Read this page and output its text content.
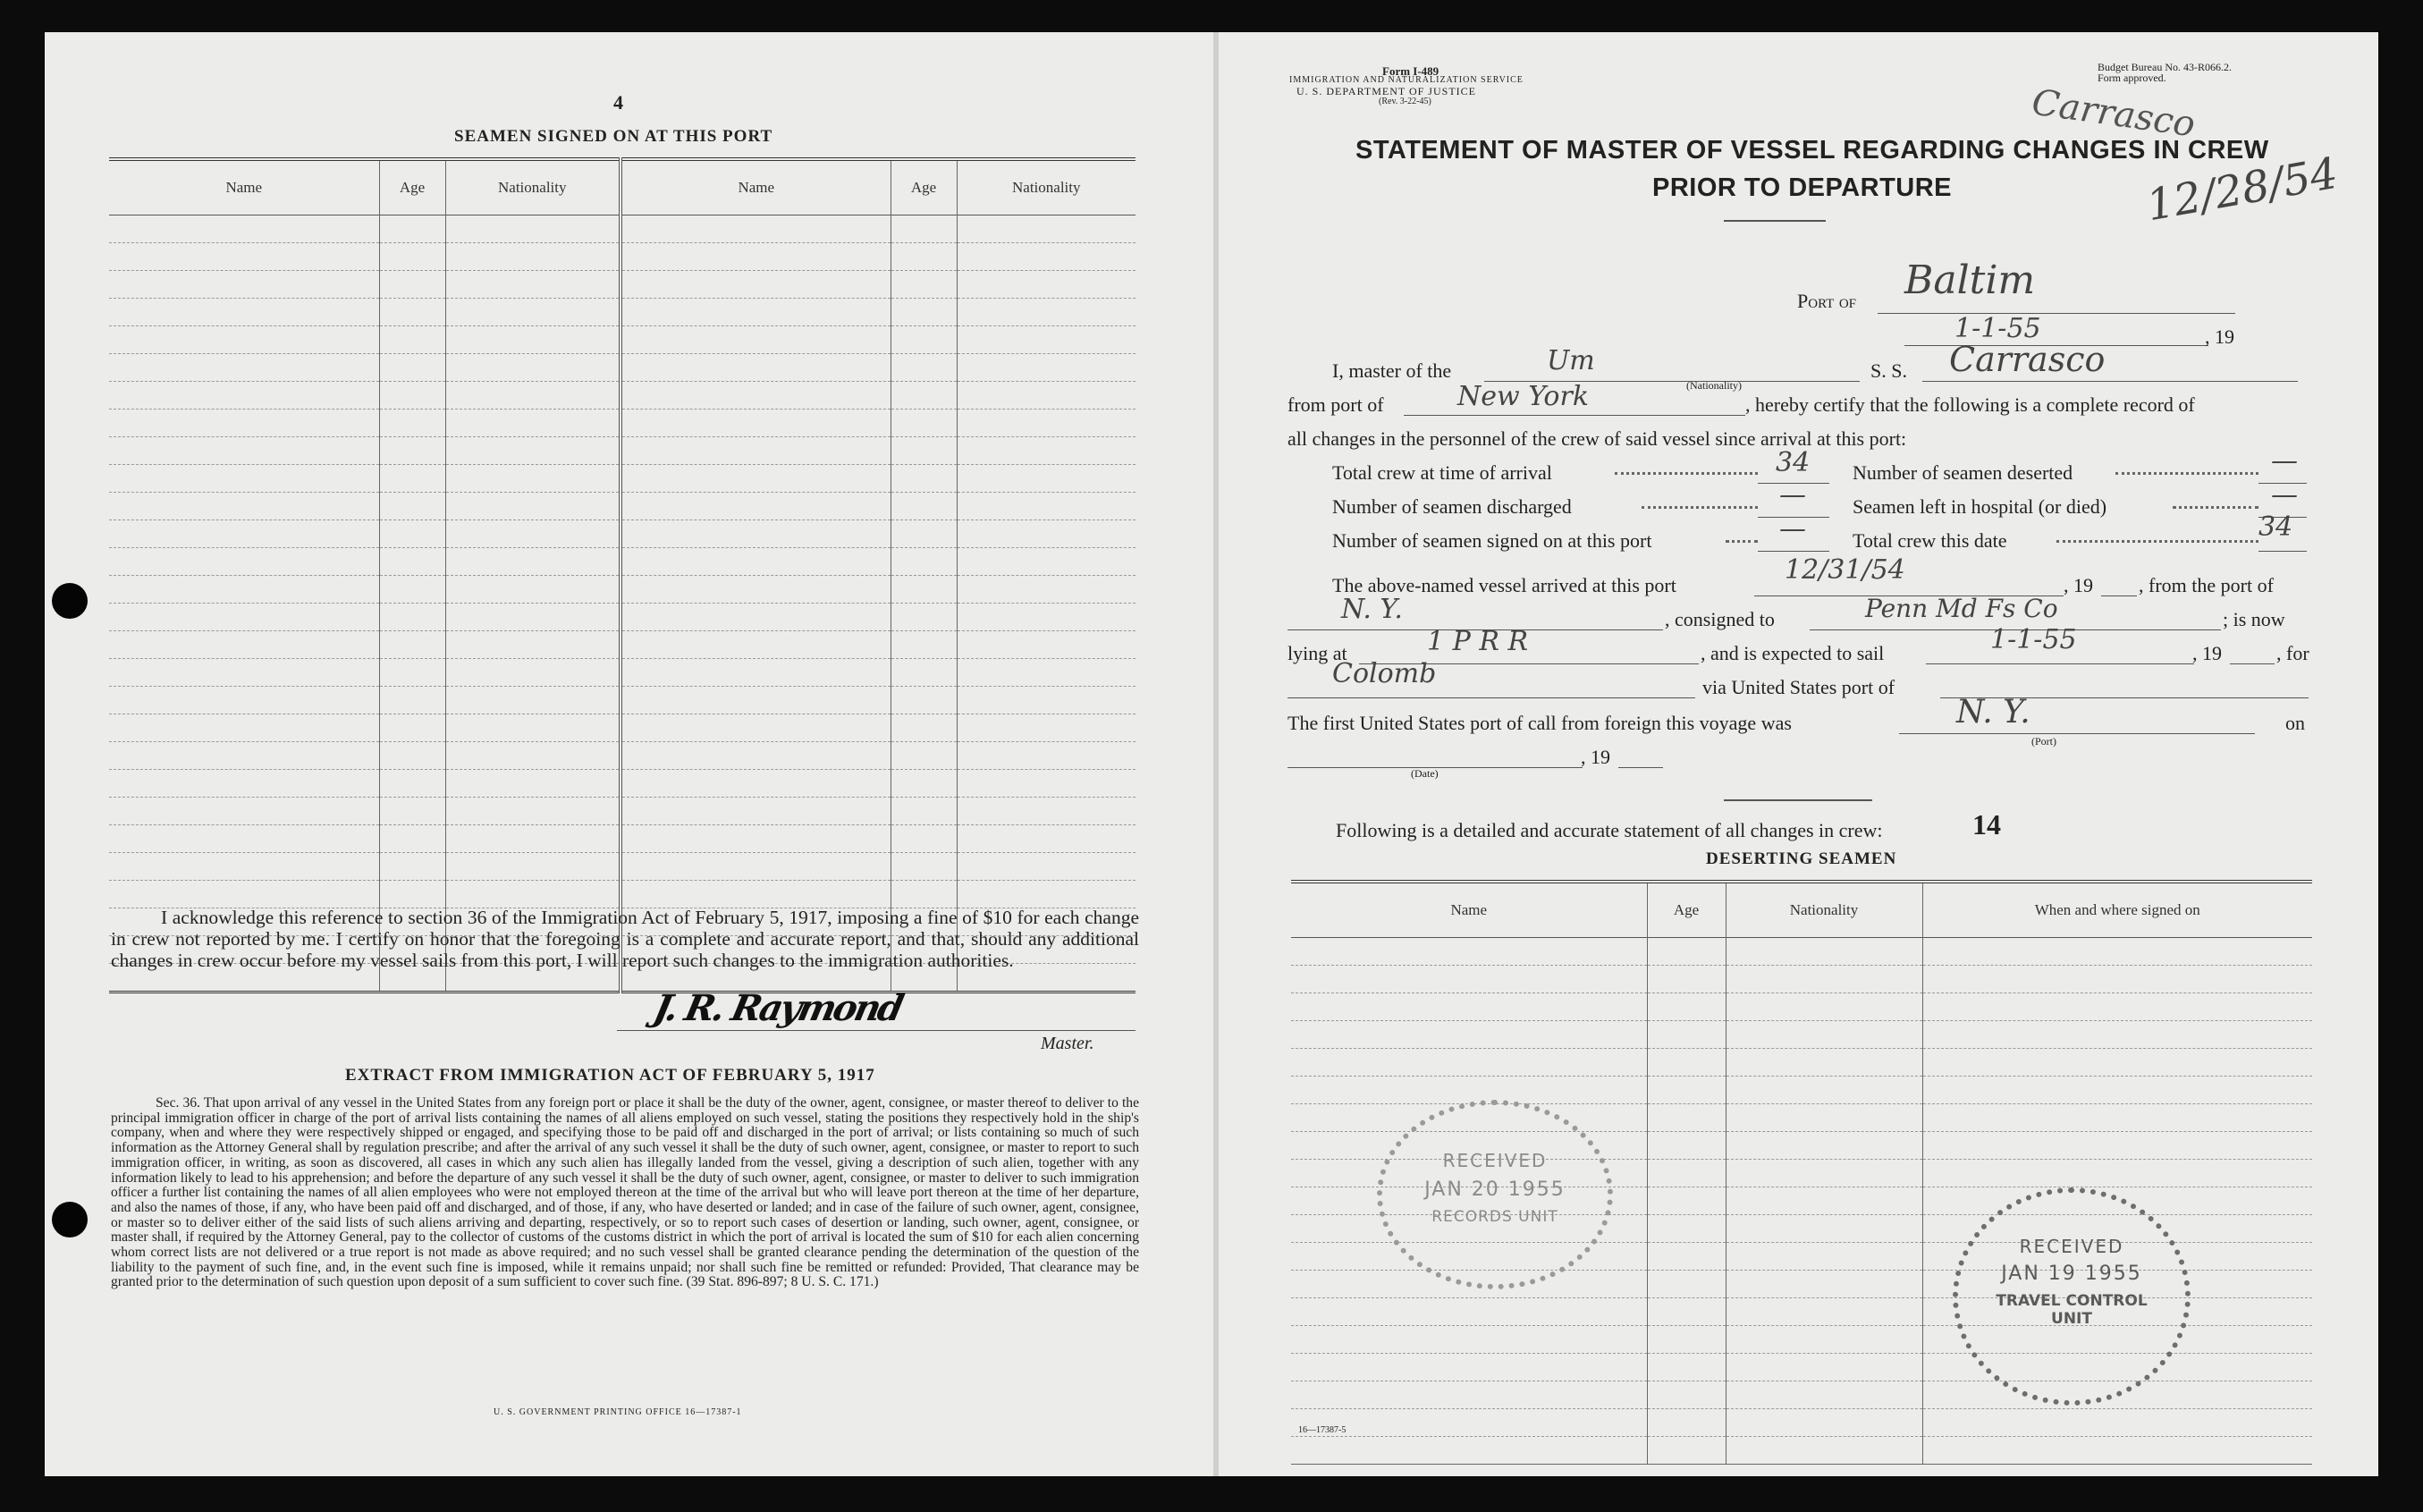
4
SEAMEN SIGNED ON AT THIS PORT
Name	Age	Nationality	Name	Age	Nationality

I acknowledge this reference to section 36 of the Immigration Act of February 5, 1917, imposing a fine of $10 for each change in crew not reported by me. I certify on honor that the foregoing is a complete and accurate report, and that, should any additional changes in crew occur before my vessel sails from this port, I will report such changes to the immigration authorities.
J. R. Raymond
Master.
EXTRACT FROM IMMIGRATION ACT OF FEBRUARY 5, 1917
Sec. 36. That upon arrival of any vessel in the United States from any foreign port or place it shall be the duty of the owner, agent, consignee, or master thereof to deliver to the principal immigration officer in charge of the port of arrival lists containing the names of all aliens employed on such vessel, stating the positions they respectively hold in the ship's company, when and where they were respectively shipped or engaged, and specifying those to be paid off and discharged in the port of arrival; or lists containing so much of such information as the Attorney General shall by regulation prescribe; and after the arrival of any such vessel it shall be the duty of such owner, agent, consignee, or master to report to such immigration officer, in writing, as soon as discovered, all cases in which any such alien has illegally landed from the vessel, giving a description of such alien, together with any information likely to lead to his apprehension; and before the departure of any such vessel it shall be the duty of such owner, agent, consignee, or master to deliver to such immigration officer a further list containing the names of all alien employees who were not employed thereon at the time of the arrival but who will leave port thereon at the time of her departure, and also the names of those, if any, who have been paid off and discharged, and of those, if any, who have deserted or landed; and in case of the failure of such owner, agent, consignee, or master so to deliver either of the said lists of such aliens arriving and departing, respectively, or so to report such cases of desertion or landing, such owner, agent, consignee, or master shall, if required by the Attorney General, pay to the collector of customs of the customs district in which the port of arrival is located the sum of $10 for each alien concerning whom correct lists are not delivered or a true report is not made as above required; and no such vessel shall be granted clearance pending the determination of the question of the liability to the payment of such fine, and, in the event such fine is imposed, while it remains unpaid; nor shall such fine be remitted or refunded: Provided, That clearance may be granted prior to the determination of such question upon deposit of a sum sufficient to cover such fine. (39 Stat. 896-897; 8 U. S. C. 171.)
U. S. GOVERNMENT PRINTING OFFICE 16—17387-1
Form I-489
IMMIGRATION AND NATURALIZATION SERVICE
U. S. DEPARTMENT OF JUSTICE
(Rev. 3-22-45)
Budget Bureau No. 43-R066.2.
Form approved.
Carrasco
12/28/54
STATEMENT OF MASTER OF VESSEL REGARDING CHANGES IN CREW
PRIOR TO DEPARTURE
Port of Baltim
1-1-55	, 19
I, master of the	Um
(Nationality)
S. S. Carrasco
from port of	New York	, hereby certify that the following is a complete record of
all changes in the personnel of the crew of said vessel since arrival at this port:
Total crew at time of arrival	34 Number of seamen deserted	—
Number of seamen discharged	— Seamen left in hospital (or died)	—
Number of seamen signed on at this port	— Total crew this date	34
The above-named vessel arrived at this port	12/31/54	, 19 , from the port of
N. Y.	, consigned to	Penn Md Fs Co	; is now
lying at	1 P R R	, and is expected to sail	1-1-55	, 19	, for
Colomb	via United States port of
The first United States port of call from foreign this voyage was	N. Y.
(Port)
on
(Date)
, 19
Following is a detailed and accurate statement of all changes in crew:	14
DESERTING SEAMEN
Name	Age	Nationality	When and where signed on

RECEIVED
JAN 20 1955
RECORDS UNIT
RECEIVED
JAN 19 1955
TRAVEL CONTROL
UNIT
16—17387-5
